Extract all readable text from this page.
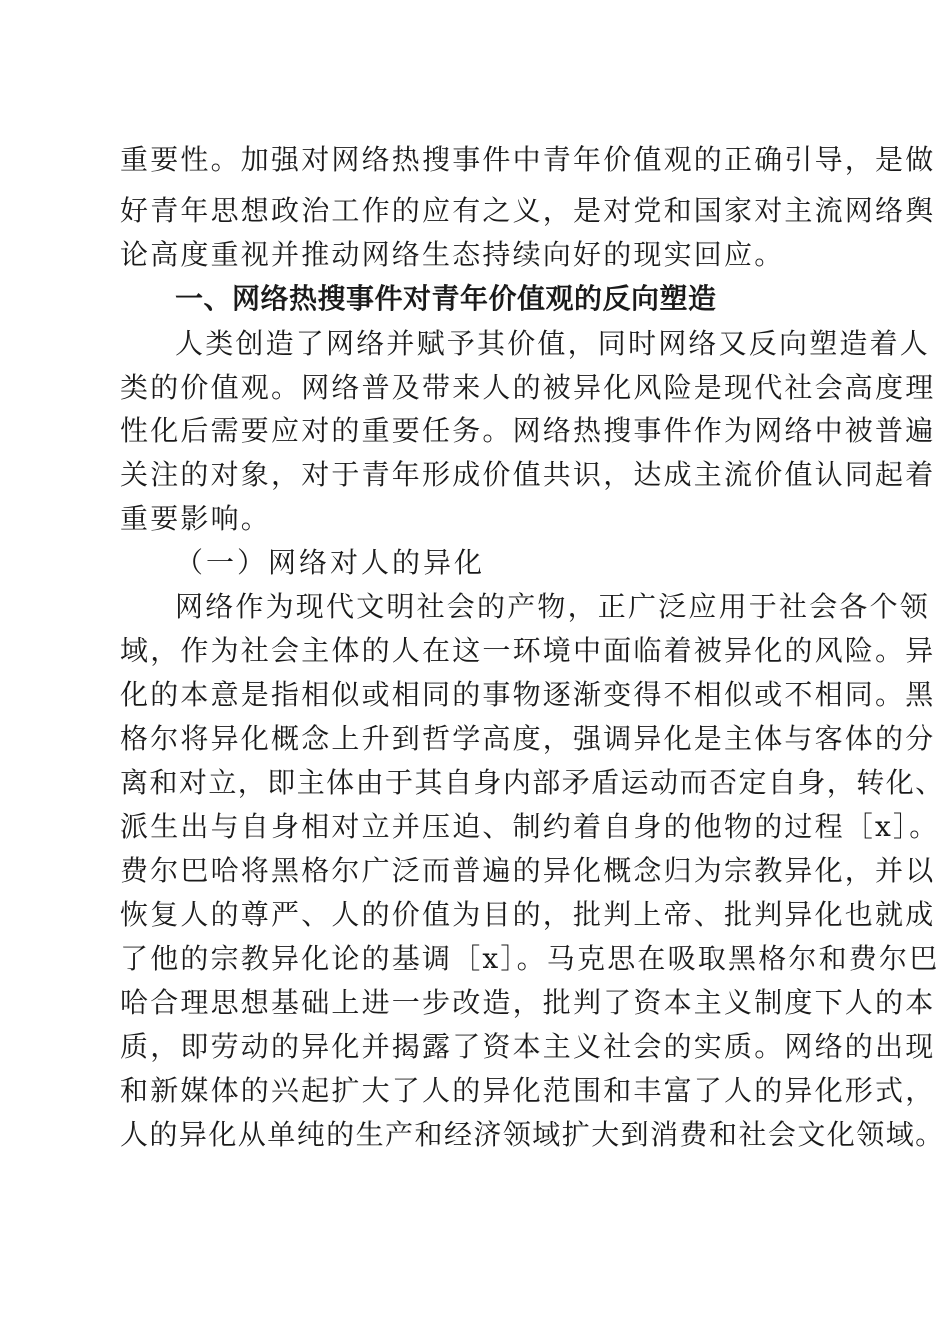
重要性。加强对网络热搜事件中青年价值观的正确引导，是做
好青年思想政治工作的应有之义，是对党和国家对主流网络舆
论高度重视并推动网络生态持续向好的现实回应。
一、网络热搜事件对青年价值观的反向塑造
人类创造了网络并赋予其价值，同时网络又反向塑造着人
类的价值观。网络普及带来人的被异化风险是现代社会高度理
性化后需要应对的重要任务。网络热搜事件作为网络中被普遍
关注的对象，对于青年形成价值共识，达成主流价值认同起着
重要影响。
（一）网络对人的异化
网络作为现代文明社会的产物，正广泛应用于社会各个领
域，作为社会主体的人在这一环境中面临着被异化的风险。异
化的本意是指相似或相同的事物逐渐变得不相似或不相同。黑
格尔将异化概念上升到哲学高度，强调异化是主体与客体的分
离和对立，即主体由于其自身内部矛盾运动而否定自身，转化、
派生出与自身相对立并压迫、制约着自身的他物的过程［x］。
费尔巴哈将黑格尔广泛而普遍的异化概念归为宗教异化，并以
恢复人的尊严、人的价值为目的，批判上帝、批判异化也就成
了他的宗教异化论的基调［x］。马克思在吸取黑格尔和费尔巴
哈合理思想基础上进一步改造，批判了资本主义制度下人的本
质，即劳动的异化并揭露了资本主义社会的实质。网络的出现
和新媒体的兴起扩大了人的异化范围和丰富了人的异化形式，
人的异化从单纯的生产和经济领域扩大到消费和社会文化领域。
